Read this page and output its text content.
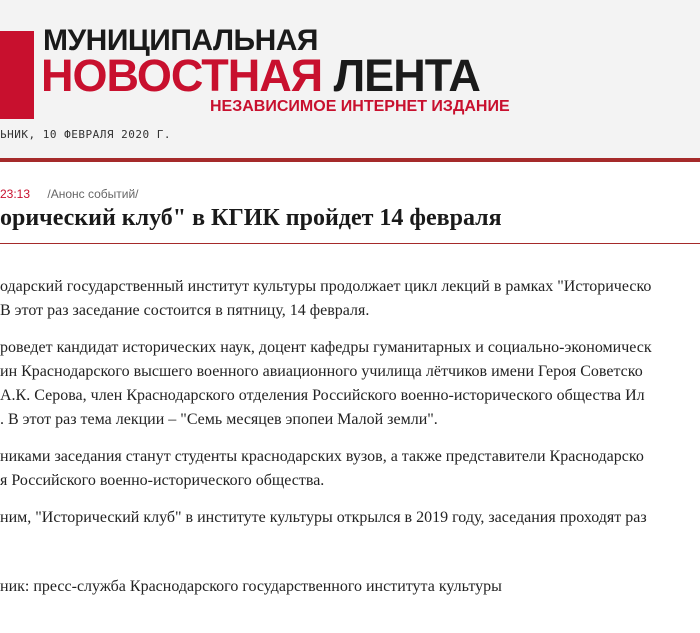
МУНИЦИПАЛЬНАЯ
НОВОСТНАЯ ЛЕНТА
НЕЗАВИСИМОЕ ИНТЕРНЕТ ИЗДАНИЕ
ЬНИК, 10 ФЕВРАЛЯ 2020 Г.
23:13 /Анонс событий/
орический клуб" в КГИК пройдет 14 февраля

одарский государственный институт культуры продолжает цикл лекций в рамках "Историческо
В этот раз заседание состоится в пятницу, 14 февраля.

роведет кандидат исторических наук, доцент кафедры гуманитарных и социально-экономическ
ин Краснодарского высшего военного авиационного училища лётчиков имени Героя Советско
А.К. Серова, член Краснодарского отделения Российского военно-исторического общества Ил
. В этот раз тема лекции – "Семь месяцев эпопеи Малой земли".

никами заседания станут студенты краснодарских вузов, а также представители Краснодарско
я Российского военно-исторического общества.

ним, "Исторический клуб" в институте культуры открылся в 2019 году, заседания проходят раз

ник: пресс-служба Краснодарского государственного института культуры
